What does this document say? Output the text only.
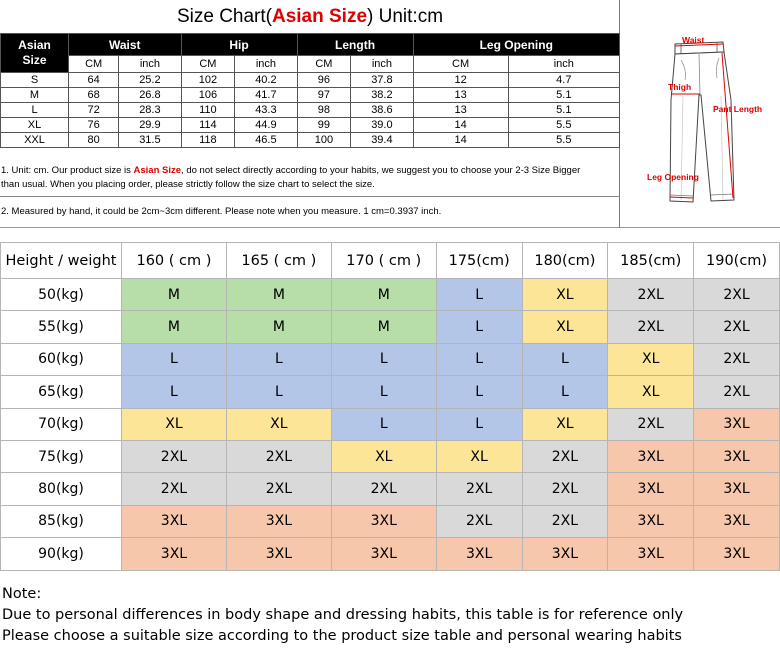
Size Chart(Asian Size) Unit:cm
Asian
Size	Waist		Hip		Length		Leg Opening	
	CM	inch	CM	inch	CM	inch	CM	inch
S	64	25.2	102	40.2	96	37.8	12	4.7
M	68	26.8	106	41.7	97	38.2	13	5.1
L	72	28.3	110	43.3	98	38.6	13	5.1
XL	76	29.9	114	44.9	99	39.0	14	5.5
XXL	80	31.5	118	46.5	100	39.4	14	5.5
1. Unit: cm. Our product size is Asian Size, do not select directly according to your habits, we suggest you to choose your 2-3 Size Bigger
than usual. When you placing order, please strictly follow the size chart to select the size.
2. Measured by hand, it could be 2cm~3cm different. Please note when you measure. 1 cm=0.3937 inch.
Waist
Thigh
Pant Length
Leg Opening
Height / weight	160 ( cm )	165 ( cm )	170 ( cm )	175(cm)	180(cm)	185(cm)	190(cm)
50(kg)	M	M	M	L	XL	2XL	2XL
55(kg)	M	M	M	L	XL	2XL	2XL
60(kg)	L	L	L	L	L	XL	2XL
65(kg)	L	L	L	L	L	XL	2XL
70(kg)	XL	XL	L	L	XL	2XL	3XL
75(kg)	2XL	2XL	XL	XL	2XL	3XL	3XL
80(kg)	2XL	2XL	2XL	2XL	2XL	3XL	3XL
85(kg)	3XL	3XL	3XL	2XL	2XL	3XL	3XL
90(kg)	3XL	3XL	3XL	3XL	3XL	3XL	3XL
Note:
Due to personal differences in body shape and dressing habits, this table is for reference only
Please choose a suitable size according to the product size table and personal wearing habits
